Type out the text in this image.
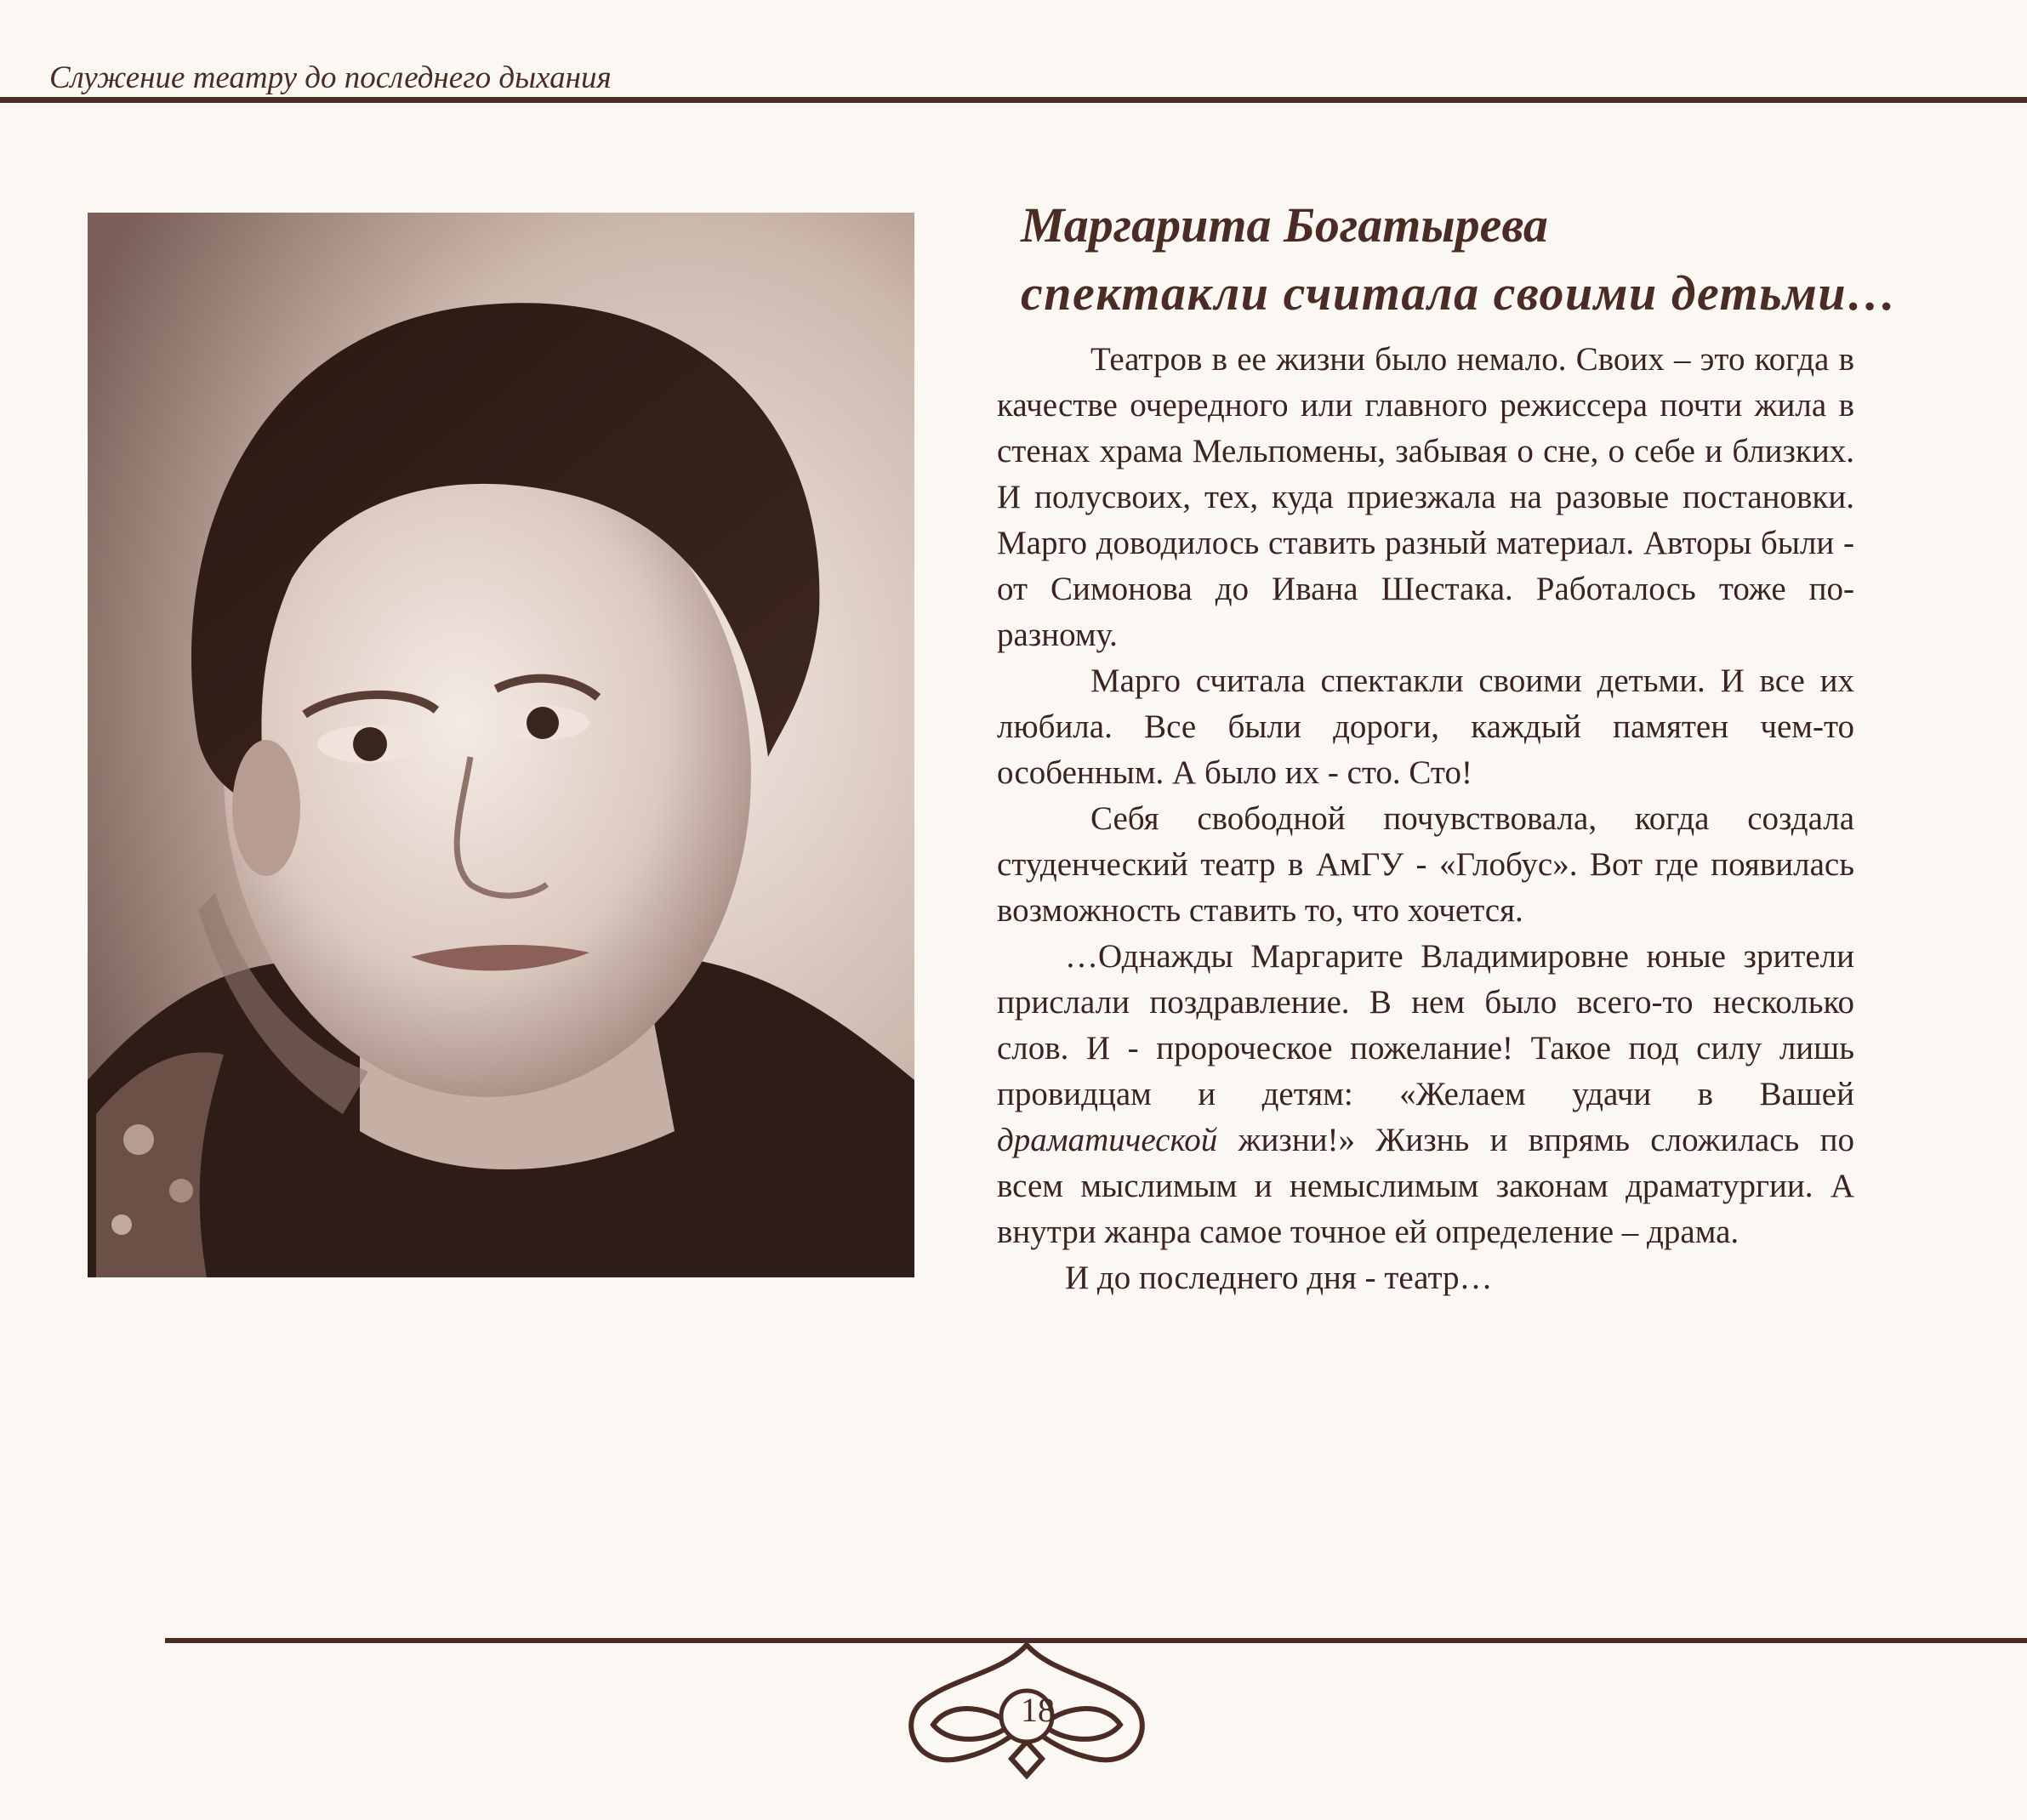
Служение театру до последнего дыхания
Маргарита Богатырева
спектакли считала своими детьми…

Театров в ее жизни было немало. Своих – это когда в качестве очередного или главного режиссера почти жила в стенах храма Мельпомены, забывая о сне, о себе и близких. И полусвоих, тех, куда приезжала на разовые постановки. Марго доводилось ставить разный материал. Авторы были - от Симонова до Ивана Шестака. Работалось тоже по-разному.

Марго считала спектакли своими детьми. И все их любила. Все были дороги, каждый памятен чем-то особенным. А было их - сто. Сто!

Себя свободной почувствовала, когда создала студенческий театр в АмГУ - «Глобус». Вот где появилась возможность ставить то, что хочется.

…Однажды Маргарите Владимировне юные зрители прислали поздравление. В нем было всего-то несколько слов. И - пророческое пожелание! Такое под силу лишь провидцам и детям: «Желаем удачи в Вашей драматической жизни!» Жизнь и впрямь сложилась по всем мыслимым и немыслимым законам драматургии. А внутри жанра самое точное ей определение – драма.

И до последнего дня - театр…

18
